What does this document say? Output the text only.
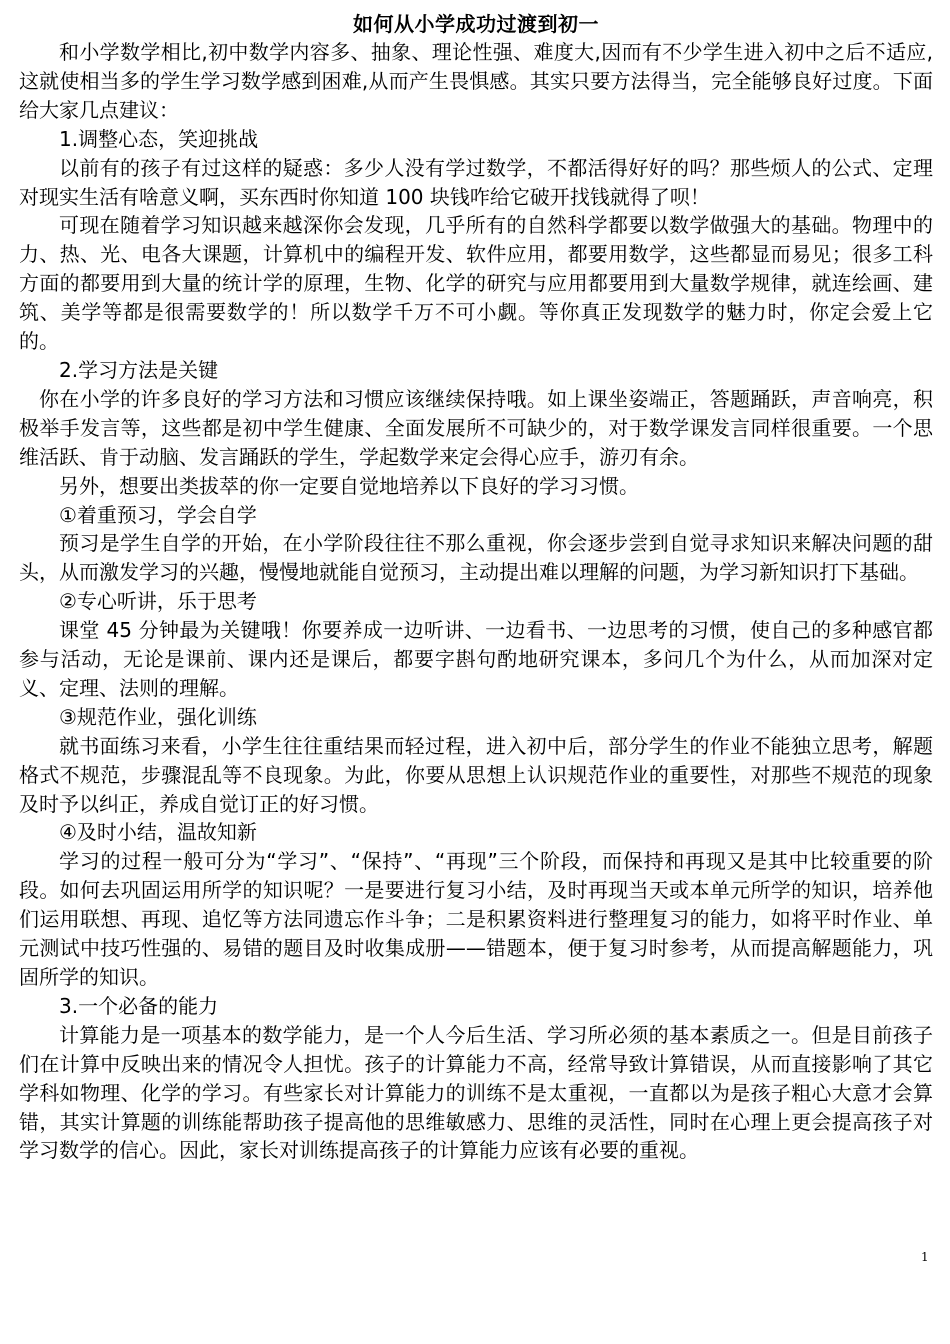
如何从小学成功过渡到初一

和小学数学相比,初中数学内容多、抽象、理论性强、难度大,因而有不少学生进入初中之后不适应,这就使相当多的学生学习数学感到困难,从而产生畏惧感。其实只要方法得当，完全能够良好过度。下面给大家几点建议：

1.调整心态，笑迎挑战

以前有的孩子有过这样的疑惑：多少人没有学过数学，不都活得好好的吗？那些烦人的公式、定理对现实生活有啥意义啊，买东西时你知道 100 块钱咋给它破开找钱就得了呗！

可现在随着学习知识越来越深你会发现，几乎所有的自然科学都要以数学做强大的基础。物理中的力、热、光、电各大课题，计算机中的编程开发、软件应用，都要用数学，这些都显而易见；很多工科方面的都要用到大量的统计学的原理，生物、化学的研究与应用都要用到大量数学规律，就连绘画、建筑、美学等都是很需要数学的！所以数学千万不可小觑。等你真正发现数学的魅力时，你定会爱上它的。

2.学习方法是关键

你在小学的许多良好的学习方法和习惯应该继续保持哦。如上课坐姿端正，答题踊跃，声音响亮，积极举手发言等，这些都是初中学生健康、全面发展所不可缺少的，对于数学课发言同样很重要。一个思维活跃、肯于动脑、发言踊跃的学生，学起数学来定会得心应手，游刃有余。

另外，想要出类拔萃的你一定要自觉地培养以下良好的学习习惯。

①着重预习，学会自学

预习是学生自学的开始，在小学阶段往往不那么重视，你会逐步尝到自觉寻求知识来解决问题的甜头，从而激发学习的兴趣，慢慢地就能自觉预习，主动提出难以理解的问题，为学习新知识打下基础。

②专心听讲，乐于思考

课堂 45 分钟最为关键哦！你要养成一边听讲、一边看书、一边思考的习惯，使自己的多种感官都参与活动，无论是课前、课内还是课后，都要字斟句酌地研究课本，多问几个为什么，从而加深对定义、定理、法则的理解。

③规范作业，强化训练

就书面练习来看，小学生往往重结果而轻过程，进入初中后，部分学生的作业不能独立思考，解题格式不规范，步骤混乱等不良现象。为此，你要从思想上认识规范作业的重要性，对那些不规范的现象及时予以纠正，养成自觉订正的好习惯。

④及时小结，温故知新

学习的过程一般可分为“学习”、“保持”、“再现”三个阶段，而保持和再现又是其中比较重要的阶段。如何去巩固运用所学的知识呢？一是要进行复习小结，及时再现当天或本单元所学的知识，培养他们运用联想、再现、追忆等方法同遗忘作斗争；二是积累资料进行整理复习的能力，如将平时作业、单元测试中技巧性强的、易错的题目及时收集成册——错题本，便于复习时参考，从而提高解题能力，巩固所学的知识。

3.一个必备的能力

计算能力是一项基本的数学能力，是一个人今后生活、学习所必须的基本素质之一。但是目前孩子们在计算中反映出来的情况令人担忧。孩子的计算能力不高，经常导致计算错误，从而直接影响了其它学科如物理、化学的学习。有些家长对计算能力的训练不是太重视，一直都以为是孩子粗心大意才会算错，其实计算题的训练能帮助孩子提高他的思维敏感力、思维的灵活性，同时在心理上更会提高孩子对学习数学的信心。因此，家长对训练提高孩子的计算能力应该有必要的重视。

1
